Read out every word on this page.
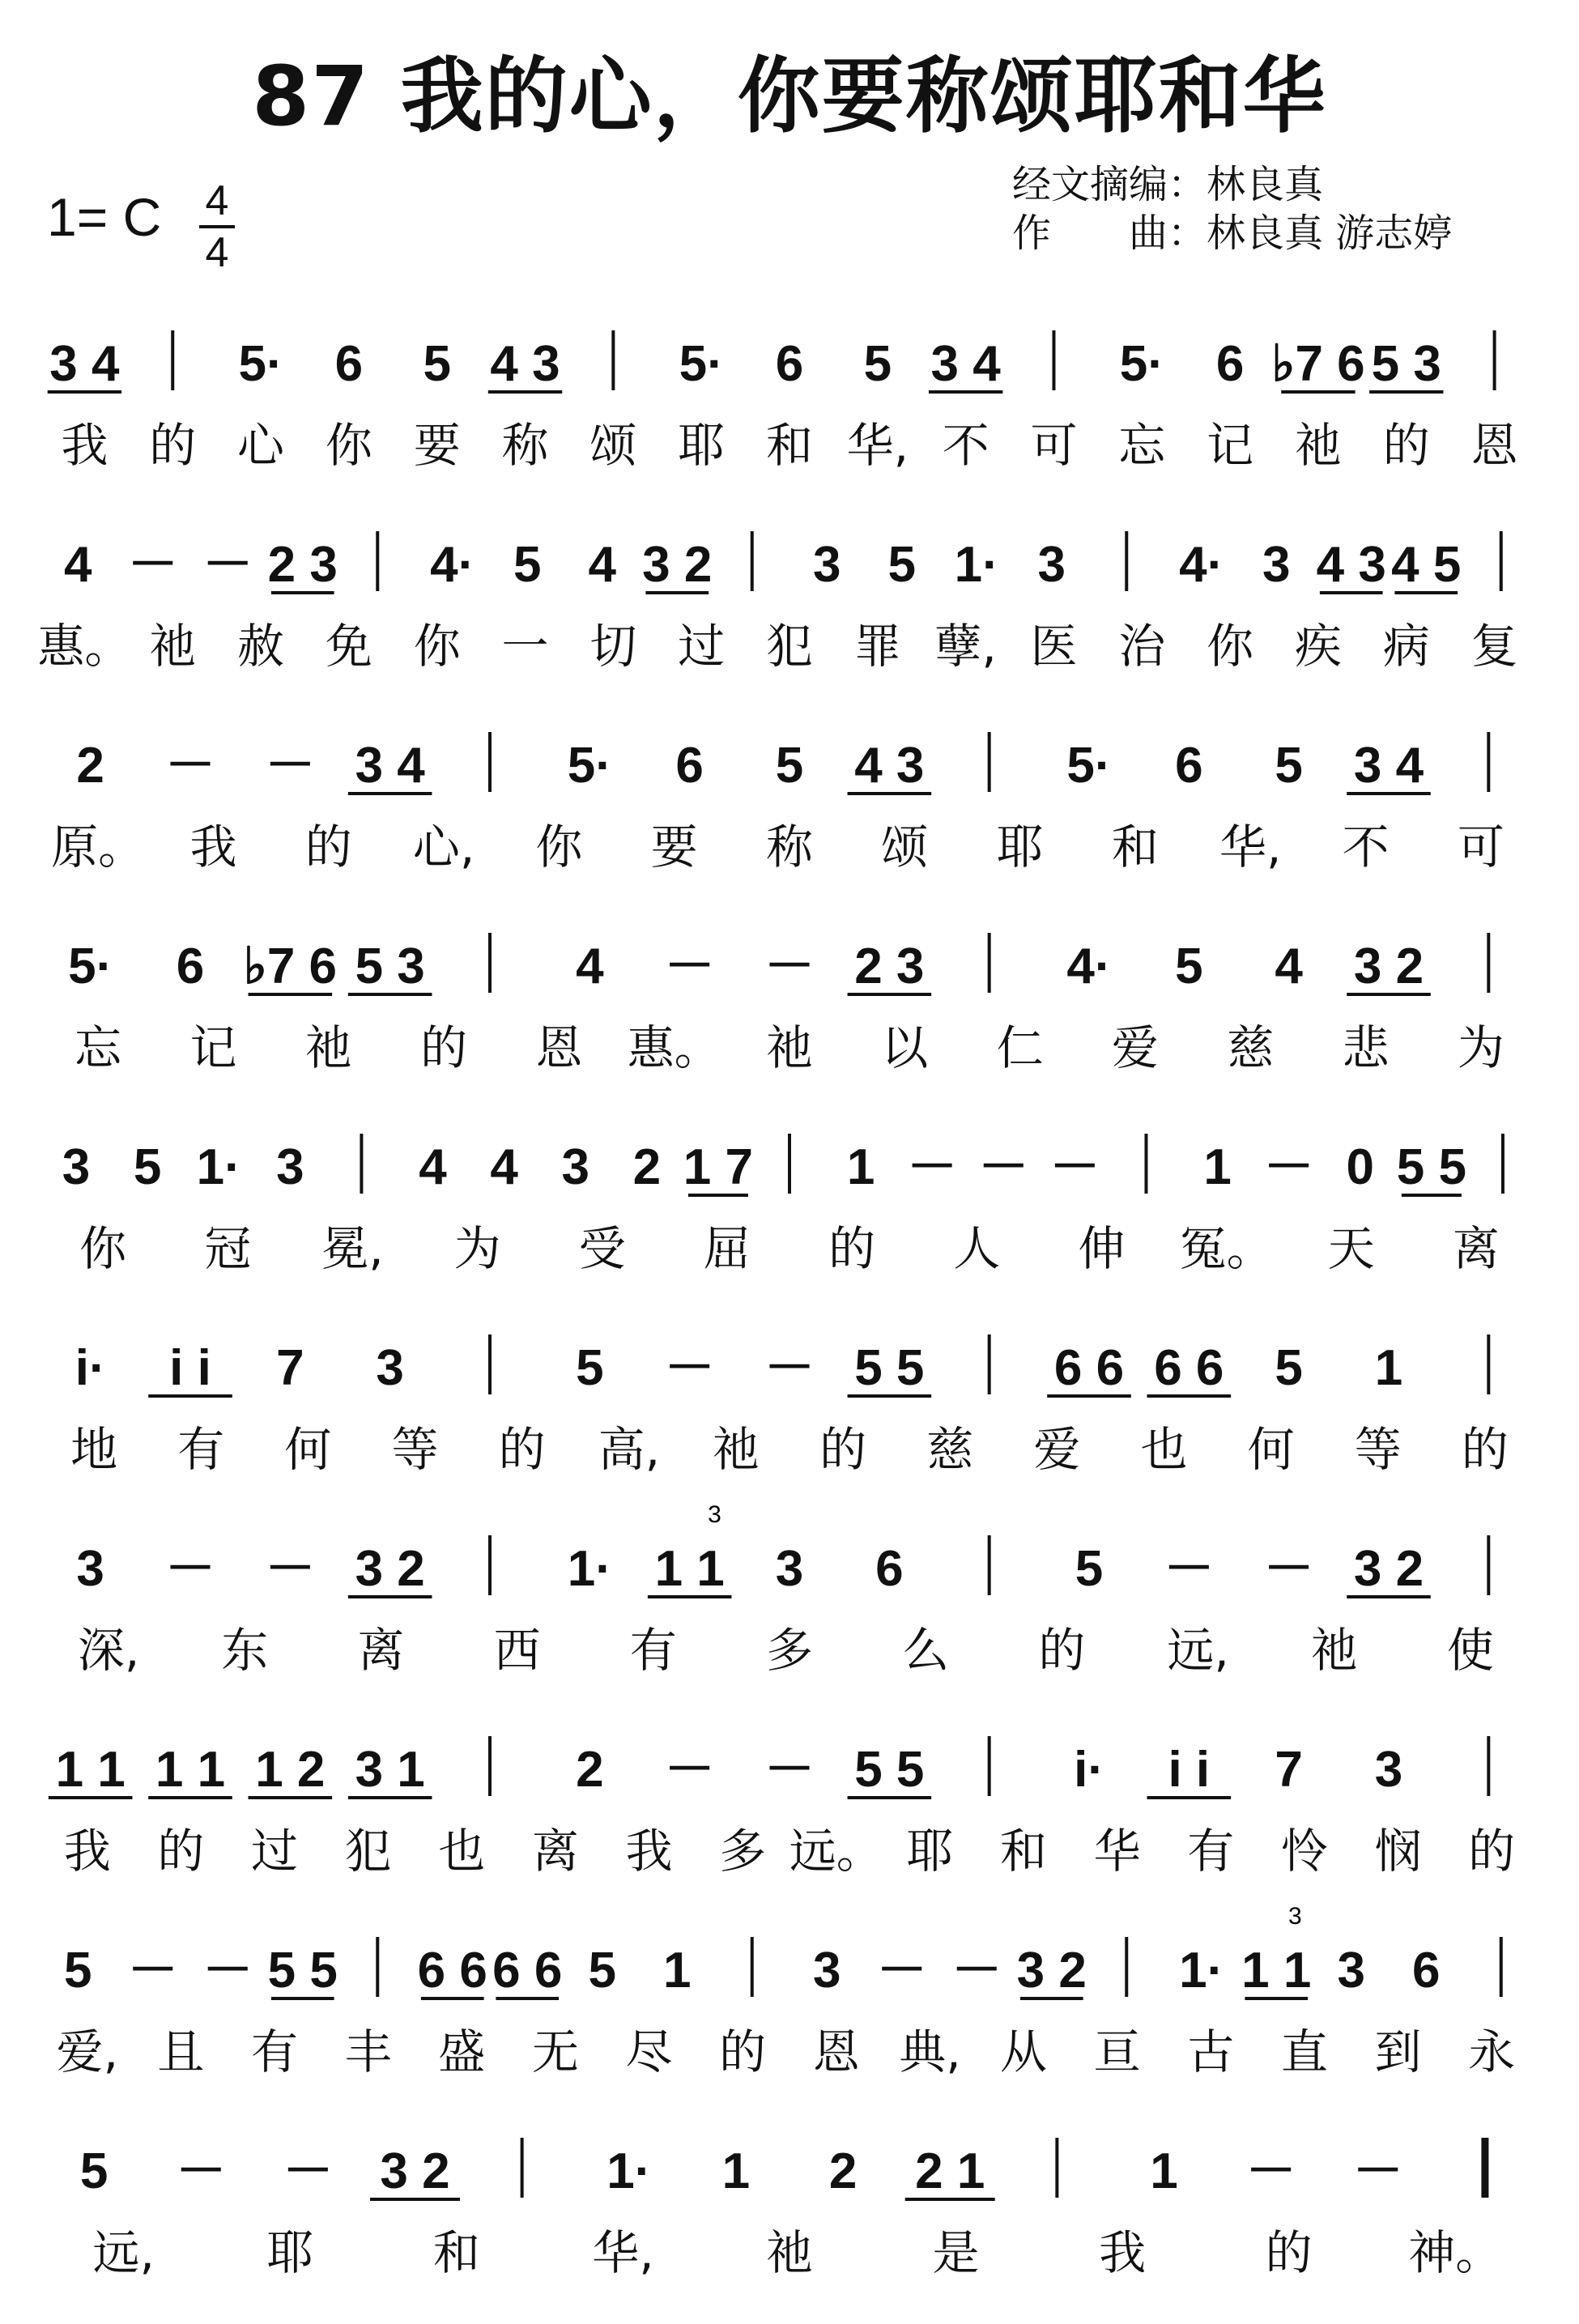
87 我的心，你要称颂耶和华
1= C 4
4
经文摘编：林良真
作　　曲：林良真 游志婷
3 4 5· 6 5 4 3 5· 6 5 3 4 5· 6 ♭7 6 5 3
我 的 心 你 要 称 颂 耶 和 华, 不 可 忘 记 祂 的 恩
4 － － 2 3 4· 5 4 3 2 3 5 1· 3 4· 3 4 3 4 5
惠。 祂 赦 免 你 一 切 过 犯 罪 孽, 医 治 你 疾 病 复
2 － － 3 4	5· 6 5 4 3	5· 6 5 3 4
原。 我 的 心, 你 要 称 颂 耶 和 华, 不 可
5· 6 ♭7 6 5 3	4 － － 2 3	4· 5 4 3 2
忘 记 祂 的 恩 惠。 祂 以 仁 爱 慈 悲 为
3 5 1· 3 4 4 3 2 1 7 1 － － － 1 － 0 5 5
你 冠 冕, 为 受 屈 的 人 伸 冤。 天 离
i· i i 7 3	5 － － 5 5	6 6 6 6 5 1
地 有 何 等 的 高, 祂 的 慈 爱 也 何 等 的
3 － － 3 2	1· 1 1 3 6	5 － － 3 2
3
深, 东 离 西 有 多 么 的 远, 祂 使
1 1 1 1 1 2 3 1	2 － － 5 5	i· i i 7 3
我 的 过 犯 也 离 我 多 远。 耶 和 华 有 怜 悯 的
5 － － 5 5 6 6 6 6 5 1 3 － － 3 2 1· 1 1 3 6
3
爱, 且 有 丰 盛 无 尽 的 恩 典, 从 亘 古 直 到 永
5 － － 3 2	1· 1 2 2 1	1 － －
远, 耶	和 华, 祂	是	我	的 神。
